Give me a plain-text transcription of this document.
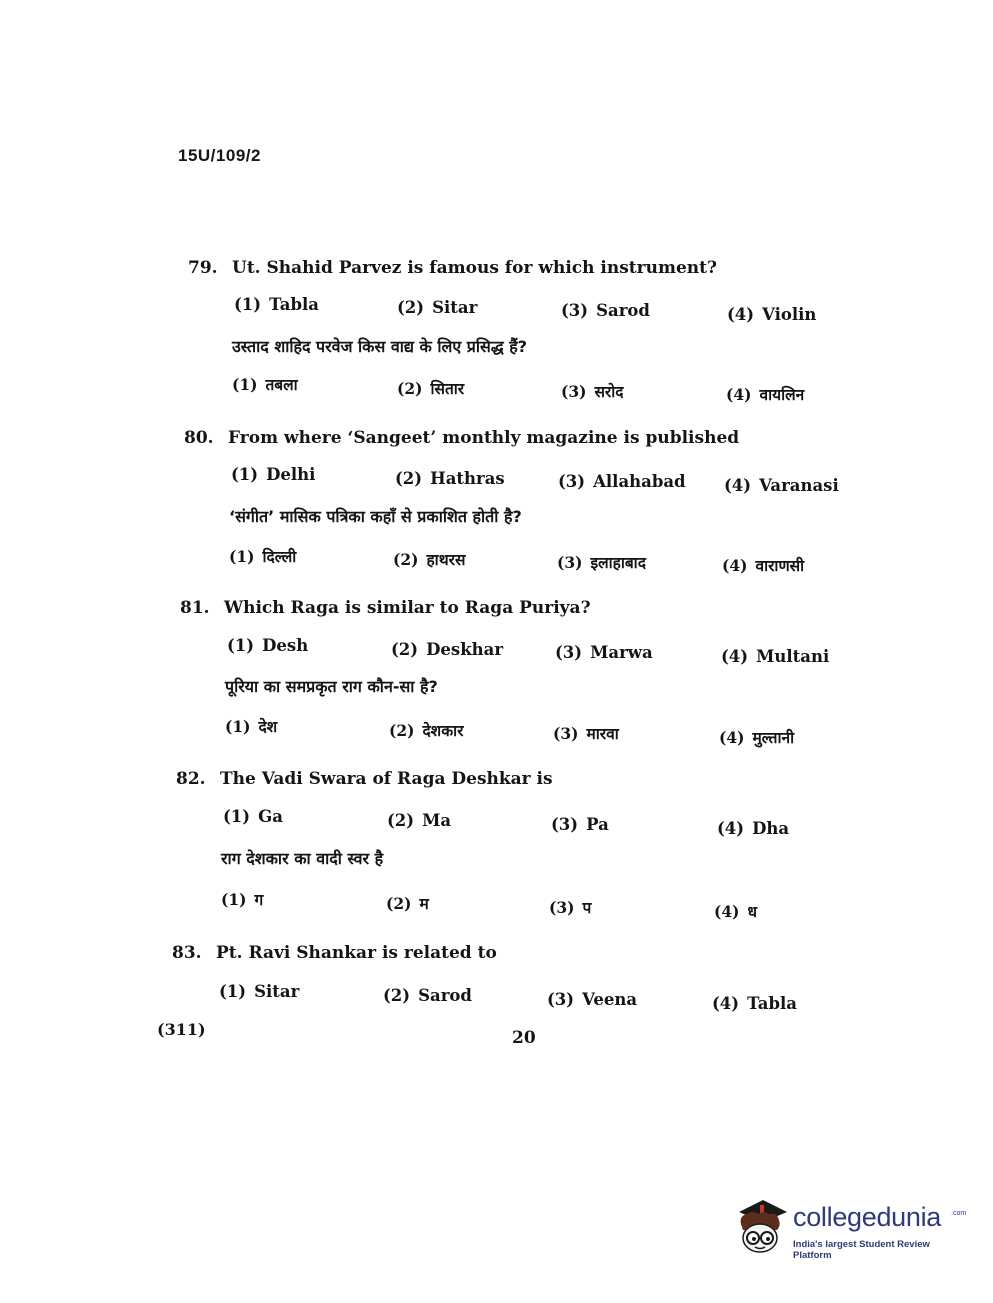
15U/109/2
79. Ut. Shahid Parvez is famous for which instrument?
(1) Tabla	(2) Sitar	(3) Sarod	(4) Violin
उस्ताद शाहिद परवेज किस वाद्य के लिए प्रसिद्ध हैं?
(1) तबला	(2) सितार	(3) सरोद	(4) वायलिन
80. From where ‘Sangeet’ monthly magazine is published
(1) Delhi	(2) Hathras	(3) Allahabad (4) Varanasi
‘संगीत’ मासिक पत्रिका कहाँ से प्रकाशित होती है?
(1) दिल्ली	(2) हाथरस	(3) इलाहाबाद	(4) वाराणसी
81. Which Raga is similar to Raga Puriya?
(1) Desh	(2) Deskhar	(3) Marwa	(4) Multani
पूरिया का समप्रकृत राग कौन-सा है?
(1) देश	(2) देशकार	(3) मारवा	(4) मुल्तानी
82. The Vadi Swara of Raga Deshkar is
(1) Ga	(2) Ma	(3) Pa	(4) Dha
राग देशकार का वादी स्वर है
(1) ग	(2) म	(3) प	(4) ध
83. Pt. Ravi Shankar is related to
(1) Sitar	(2) Sarod	(3) Veena	(4) Tabla
(311)	20
collegedunia .com
India's largest Student Review Platform
